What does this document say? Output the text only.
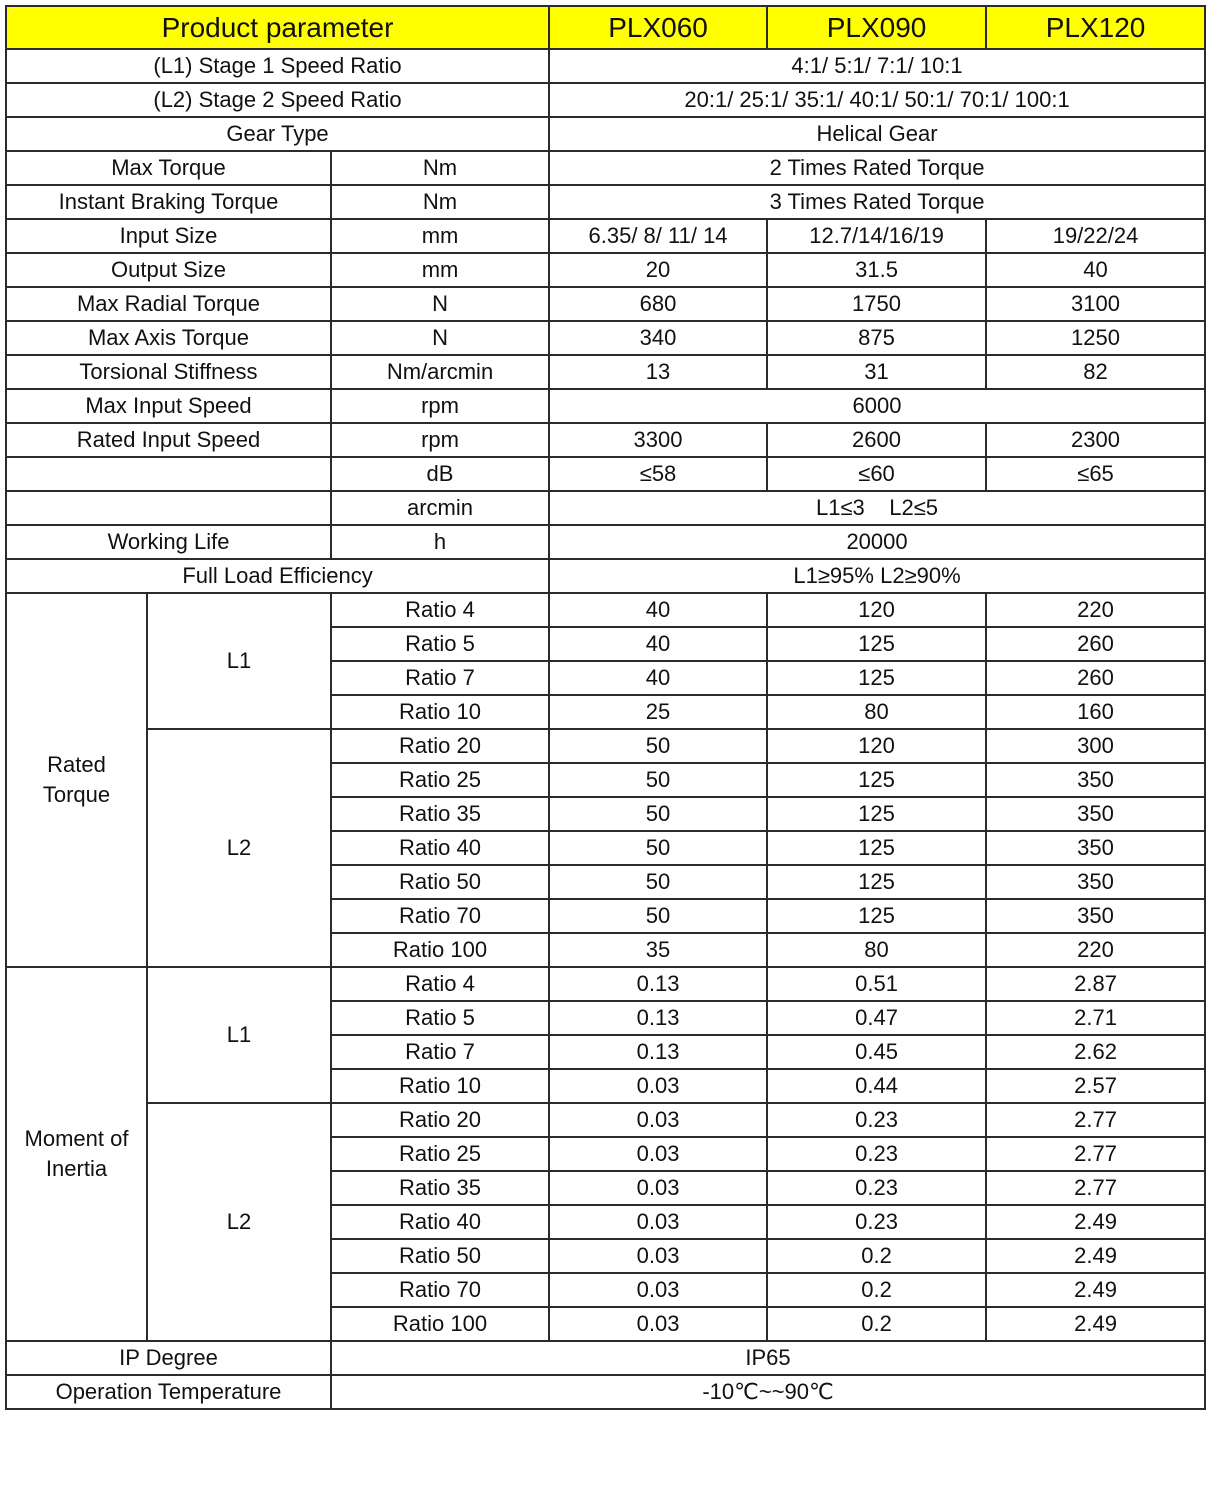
Product parameter			PLX060	PLX090	PLX120
(L1) Stage 1 Speed Ratio			4:1/ 5:1/ 7:1/ 10:1		
(L2) Stage 2 Speed Ratio			20:1/ 25:1/ 35:1/ 40:1/ 50:1/ 70:1/ 100:1		
Gear Type			Helical Gear		
Max Torque		Nm	2 Times Rated Torque		
Instant Braking Torque		Nm	3 Times Rated Torque		
Input Size		mm	6.35/ 8/ 11/ 14	12.7/14/16/19	19/22/24
Output Size		mm	20	31.5	40
Max Radial Torque		N	680	1750	3100
Max Axis Torque		N	340	875	1250
Torsional Stiffness		Nm/arcmin	13	31	82
Max Input Speed		rpm	6000		
Rated Input Speed		rpm	3300	2600	2300
		dB	≤58	≤60	≤65
		arcmin	L1≤3    L2≤5		
Working Life		h	20000		
Full Load Efficiency			L1≥95% L2≥90%		

Rated
Torque	L1	Ratio 4	40	120	220
		Ratio 5	40	125	260
		Ratio 7	40	125	260
		Ratio 10	25	80	160
	L2	Ratio 20	50	120	300
		Ratio 25	50	125	350
		Ratio 35	50	125	350
		Ratio 40	50	125	350
		Ratio 50	50	125	350
		Ratio 70	50	125	350
		Ratio 100	35	80	220

Moment of
Inertia	L1	Ratio 4	0.13	0.51	2.87
		Ratio 5	0.13	0.47	2.71
		Ratio 7	0.13	0.45	2.62
		Ratio 10	0.03	0.44	2.57
	L2	Ratio 20	0.03	0.23	2.77
		Ratio 25	0.03	0.23	2.77
		Ratio 35	0.03	0.23	2.77
		Ratio 40	0.03	0.23	2.49
		Ratio 50	0.03	0.2	2.49
		Ratio 70	0.03	0.2	2.49
		Ratio 100	0.03	0.2	2.49
IP Degree		IP65			
Operation Temperature		-10℃~~90℃			
